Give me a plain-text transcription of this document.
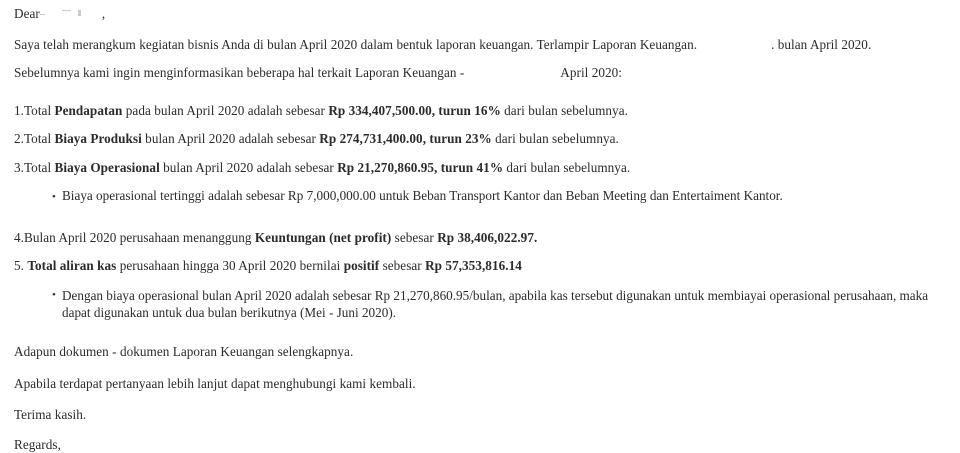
Dear	,
Saya telah merangkum kegiatan bisnis Anda di bulan April 2020 dalam bentuk laporan keuangan. Terlampir Laporan Keuangan.	. bulan April 2020.
Sebelumnya kami ingin menginformasikan beberapa hal terkait Laporan Keuangan -	April 2020:
1.Total Pendapatan pada bulan April 2020 adalah sebesar Rp 334,407,500.00, turun 16% dari bulan sebelumnya.
2.Total Biaya Produksi bulan April 2020 adalah sebesar Rp 274,731,400.00, turun 23% dari bulan sebelumnya.
3.Total Biaya Operasional bulan April 2020 adalah sebesar Rp 21,270,860.95, turun 41% dari bulan sebelumnya.
• Biaya operasional tertinggi adalah sebesar Rp 7,000,000.00 untuk Beban Transport Kantor dan Beban Meeting dan Entertaiment Kantor.
4.Bulan April 2020 perusahaan menanggung Keuntungan (net profit) sebesar Rp 38,406,022.97.
5. Total aliran kas perusahaan hingga 30 April 2020 bernilai positif sebesar Rp 57,353,816.14
• Dengan biaya operasional bulan April 2020 adalah sebesar Rp 21,270,860.95/bulan, apabila kas tersebut digunakan untuk membiayai operasional perusahaan, maka dapat digunakan untuk dua bulan berikutnya (Mei - Juni 2020).
Adapun dokumen - dokumen Laporan Keuangan selengkapnya.
Apabila terdapat pertanyaan lebih lanjut dapat menghubungi kami kembali.
Terima kasih.
Regards,
